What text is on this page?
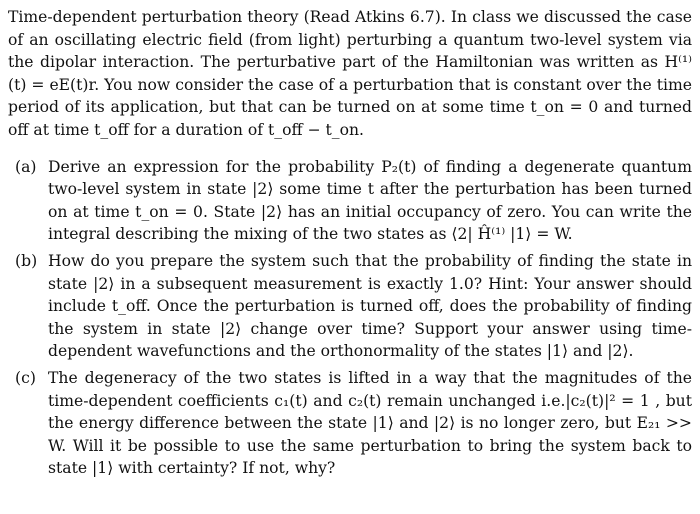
Time-dependent perturbation theory (Read Atkins 6.7). In class we discussed the case of an oscillating electric field (from light) perturbing a quantum two-level system via the dipolar interaction. The perturbative part of the Hamiltonian was written as H⁽¹⁾(t) = eE(t)r. You now consider the case of a perturbation that is constant over the time period of its application, but that can be turned on at some time t_on = 0 and turned off at time t_off for a duration of t_off − t_on.

(a) Derive an expression for the probability P₂(t) of finding a degenerate quantum two-level system in state |2⟩ some time t after the perturbation has been turned on at time t_on = 0. State |2⟩ has an initial occupancy of zero. You can write the integral describing the mixing of the two states as ⟨2| Ĥ⁽¹⁾ |1⟩ = W.
(b) How do you prepare the system such that the probability of finding the state in state |2⟩ in a subsequent measurement is exactly 1.0? Hint: Your answer should include t_off. Once the perturbation is turned off, does the probability of finding the system in state |2⟩ change over time? Support your answer using time-dependent wavefunctions and the orthonormality of the states |1⟩ and |2⟩.
(c) The degeneracy of the two states is lifted in a way that the magnitudes of the time-dependent coefficients c₁(t) and c₂(t) remain unchanged i.e.|c₂(t)|² = 1 , but the energy difference between the state |1⟩ and |2⟩ is no longer zero, but E₂₁ >> W. Will it be possible to use the same perturbation to bring the system back to state |1⟩ with certainty? If not, why?
